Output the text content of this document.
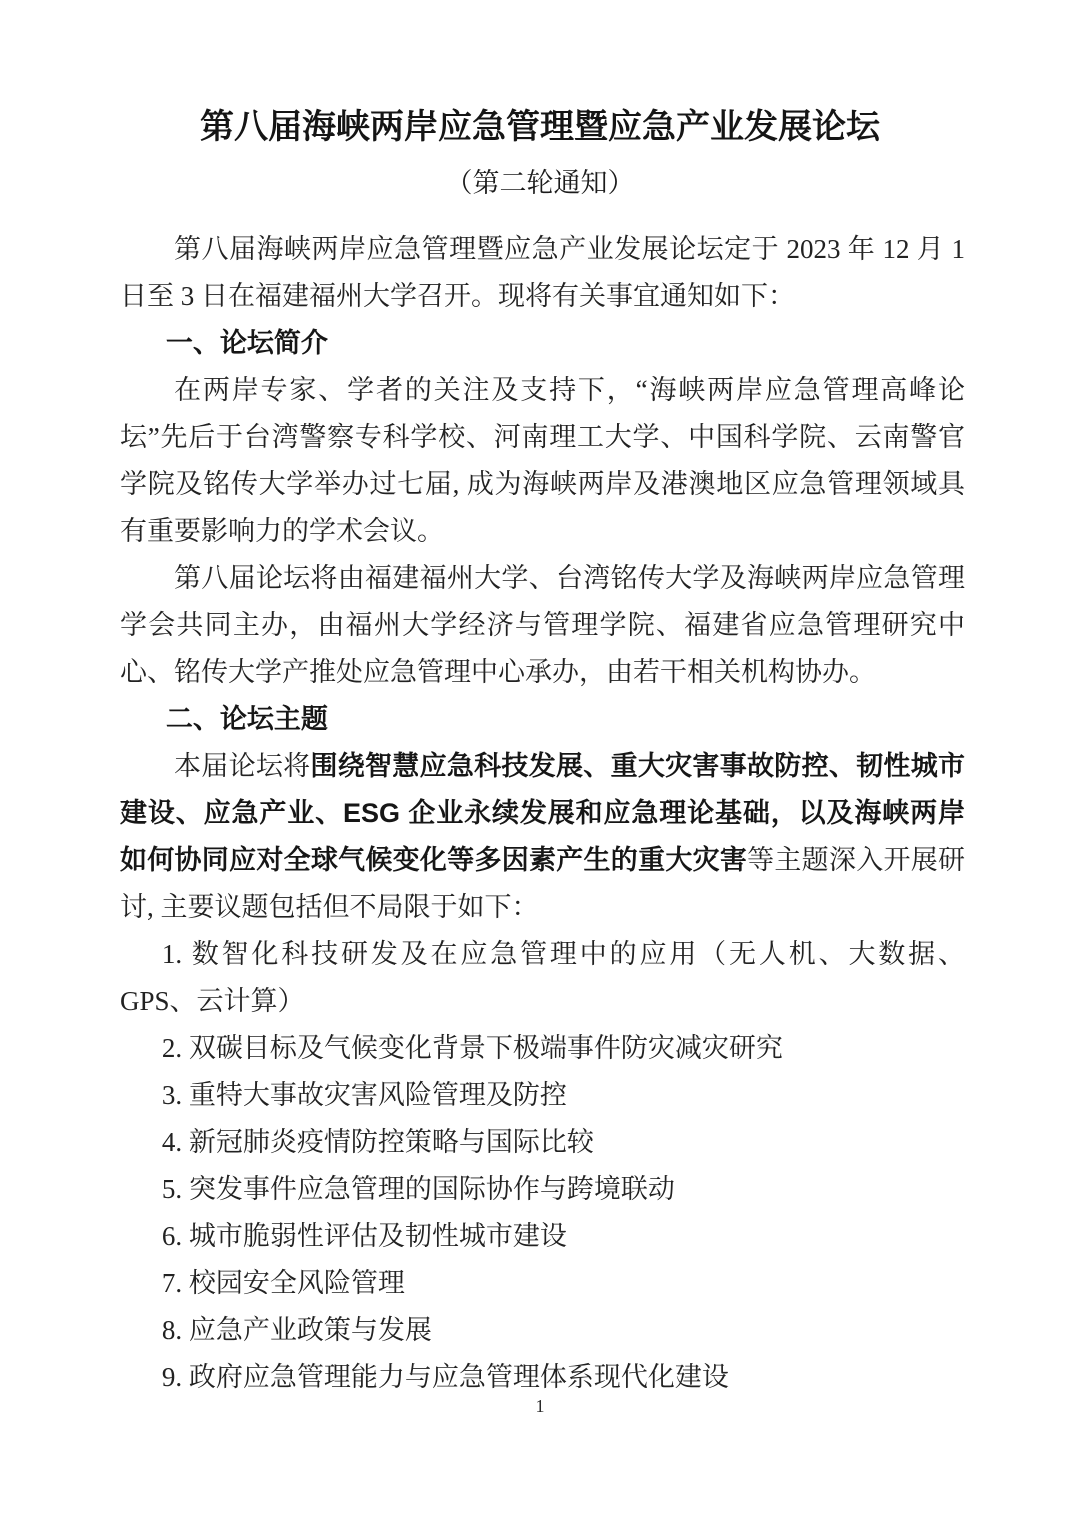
第八届海峡两岸应急管理暨应急产业发展论坛
（第二轮通知）

第八届海峡两岸应急管理暨应急产业发展论坛定于 2023 年 12 月 1 日至 3 日在福建福州大学召开。现将有关事宜通知如下：

一、论坛简介

在两岸专家、学者的关注及支持下，“海峡两岸应急管理高峰论坛”先后于台湾警察专科学校、河南理工大学、中国科学院、云南警官学院及铭传大学举办过七届, 成为海峡两岸及港澳地区应急管理领域具有重要影响力的学术会议。

第八届论坛将由福建福州大学、台湾铭传大学及海峡两岸应急管理学会共同主办，由福州大学经济与管理学院、福建省应急管理研究中心、铭传大学产推处应急管理中心承办，由若干相关机构协办。

二、论坛主题

本届论坛将围绕智慧应急科技发展、重大灾害事故防控、韧性城市建设、应急产业、ESG 企业永续发展和应急理论基础，以及海峡两岸如何协同应对全球气候变化等多因素产生的重大灾害等主题深入开展研讨, 主要议题包括但不局限于如下：

1. 数智化科技研发及在应急管理中的应用（无人机、大数据、GPS、云计算）

2. 双碳目标及气候变化背景下极端事件防灾减灾研究

3. 重特大事故灾害风险管理及防控

4. 新冠肺炎疫情防控策略与国际比较

5. 突发事件应急管理的国际协作与跨境联动

6. 城市脆弱性评估及韧性城市建设

7. 校园安全风险管理

8. 应急产业政策与发展

9. 政府应急管理能力与应急管理体系现代化建设

1
